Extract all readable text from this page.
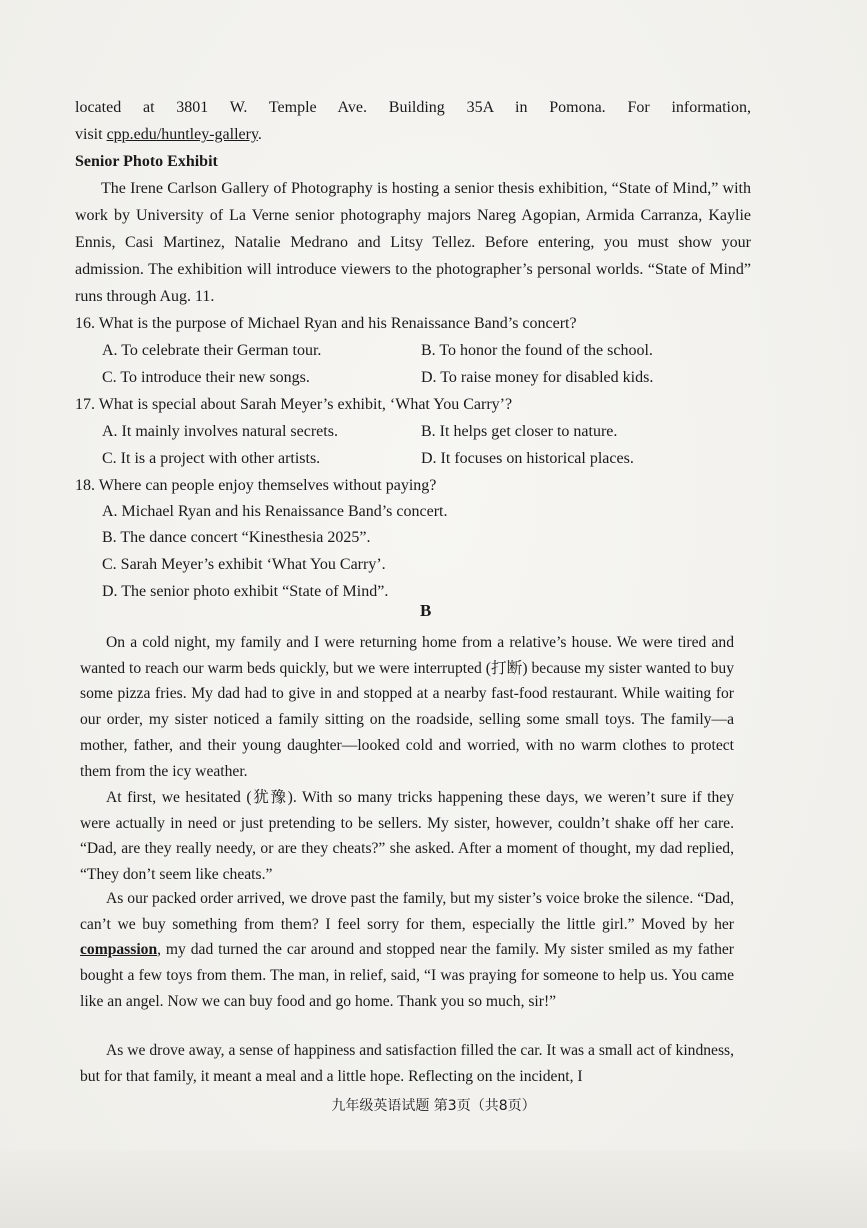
located at 3801 W. Temple Ave. Building 35A in Pomona. For information,

visit cpp.edu/huntley-gallery.

Senior Photo Exhibit

The Irene Carlson Gallery of Photography is hosting a senior thesis exhibition, “State of Mind,” with work by University of La Verne senior photography majors Nareg Agopian, Armida Carranza, Kaylie Ennis, Casi Martinez, Natalie Medrano and Litsy Tellez. Before entering, you must show your admission. The exhibition will introduce viewers to the photographer’s personal worlds. “State of Mind” runs through Aug. 11.

16. What is the purpose of Michael Ryan and his Renaissance Band’s concert?
A. To celebrate their German tour.	B. To honor the found of the school.
C. To introduce their new songs.	D. To raise money for disabled kids.
17. What is special about Sarah Meyer’s exhibit, ‘What You Carry’?
A. It mainly involves natural secrets.	B. It helps get closer to nature.
C. It is a project with other artists.	D. It focuses on historical places.
18. Where can people enjoy themselves without paying?
A. Michael Ryan and his Renaissance Band’s concert.
B. The dance concert “Kinesthesia 2025”.
C. Sarah Meyer’s exhibit ‘What You Carry’.
D. The senior photo exhibit “State of Mind”.
B

On a cold night, my family and I were returning home from a relative’s house. We were tired and wanted to reach our warm beds quickly, but we were interrupted (打断) because my sister wanted to buy some pizza fries. My dad had to give in and stopped at a nearby fast-food restaurant. While waiting for our order, my sister noticed a family sitting on the roadside, selling some small toys. The family—a mother, father, and their young daughter—looked cold and worried, with no warm clothes to protect them from the icy weather.

At first, we hesitated (犹豫). With so many tricks happening these days, we weren’t sure if they were actually in need or just pretending to be sellers. My sister, however, couldn’t shake off her care. “Dad, are they really needy, or are they cheats?” she asked. After a moment of thought, my dad replied, “They don’t seem like cheats.”

As our packed order arrived, we drove past the family, but my sister’s voice broke the silence. “Dad, can’t we buy something from them? I feel sorry for them, especially the little girl.” Moved by her compassion, my dad turned the car around and stopped near the family. My sister smiled as my father bought a few toys from them. The man, in relief, said, “I was praying for someone to help us. You came like an angel. Now we can buy food and go home. Thank you so much, sir!”

As we drove away, a sense of happiness and satisfaction filled the car. It was a small act of kindness, but for that family, it meant a meal and a little hope. Reflecting on the incident, I

九年级英语试题 第3页（共8页）
